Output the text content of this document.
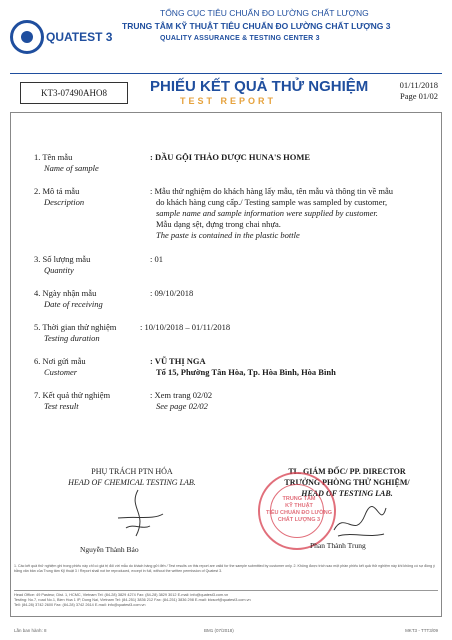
QUATEST 3
TỔNG CỤC TIÊU CHUẨN ĐO LƯỜNG CHẤT LƯỢNG
TRUNG TÂM KỸ THUẬT TIÊU CHUẨN ĐO LƯỜNG CHẤT LƯỢNG 3
QUALITY ASSURANCE & TESTING CENTER 3
KT3-07490AHO8	PHIẾU KẾT QUẢ THỬ NGHIỆM
TEST REPORT
01/11/2018
Page 01/02
1. Tên mẫu
Name of sample
: DẦU GỘI THẢO DƯỢC HUNA'S HOME
2. Mô tả mẫu
Description
: Mẫu thử nghiệm do khách hàng lấy mẫu, tên mẫu và thông tin về mẫu
do khách hàng cung cấp./ Testing sample was sampled by customer,
sample name and sample information were supplied by customer.
Mẫu dạng sệt, đựng trong chai nhựa.
The paste is contained in the plastic bottle
3. Số lượng mẫu
Quantity
: 01
4. Ngày nhận mẫu
Date of receiving
: 09/10/2018
5. Thời gian thử nghiệm
Testing duration
: 10/10/2018 – 01/11/2018
6. Nơi gửi mẫu
Customer
: VŨ THỊ NGA
Tổ 15, Phường Tân Hòa, Tp. Hòa Bình, Hòa Bình
7. Kết quả thử nghiệm
Test result
: Xem trang 02/02
See page 02/02
PHỤ TRÁCH PTN HÓA
HEAD OF CHEMICAL TESTING LAB.
Nguyễn Thành Bảo
TL. GIÁM ĐỐC/ PP. DIRECTOR
TRƯỞNG PHÒNG THỬ NGHIỆM/
HEAD OF TESTING LAB.
TRUNG TÂM
KỸ THUẬT
TIÊU CHUẨN ĐO LƯỜNG
CHẤT LƯỢNG 3
Phan Thành Trung
1. Các kết quả thử nghiệm ghi trong phiếu này chỉ có giá trị đối với mẫu do khách hàng gửi đến / Test results on this report are valid for the sample submitted by customer only. 2. Không được trích sao một phần phiếu kết quả thử nghiệm này khi không có sự đồng ý bằng văn bản của Trung tâm Kỹ thuật 3 / Report shall not be reproduced, except in full, without the written permission of Quatest 3.
Head Office: 49 Pasteur, Dist. 1, HCMC, Vietnam Tel: (84-28) 3829 4274 Fax: (84-28) 3829 3012 E-mail: info@quatest3.com.vn
Testing: No.7, road No.1, Bien Hoa 1 IP, Dong Nai, Vietnam Tel: (84-251) 3836 212 Fax: (84-251) 3836 298 E-mail: ktcsorf@quatest3.com.vn
Tell: (84-28) 3742 2600 Fax: (84-28) 3742 2614 E-mail: info@quatest3.com.vn
Lần ban hành: 8	BM1 (07/2018)	MKT3 - TTT3/09
